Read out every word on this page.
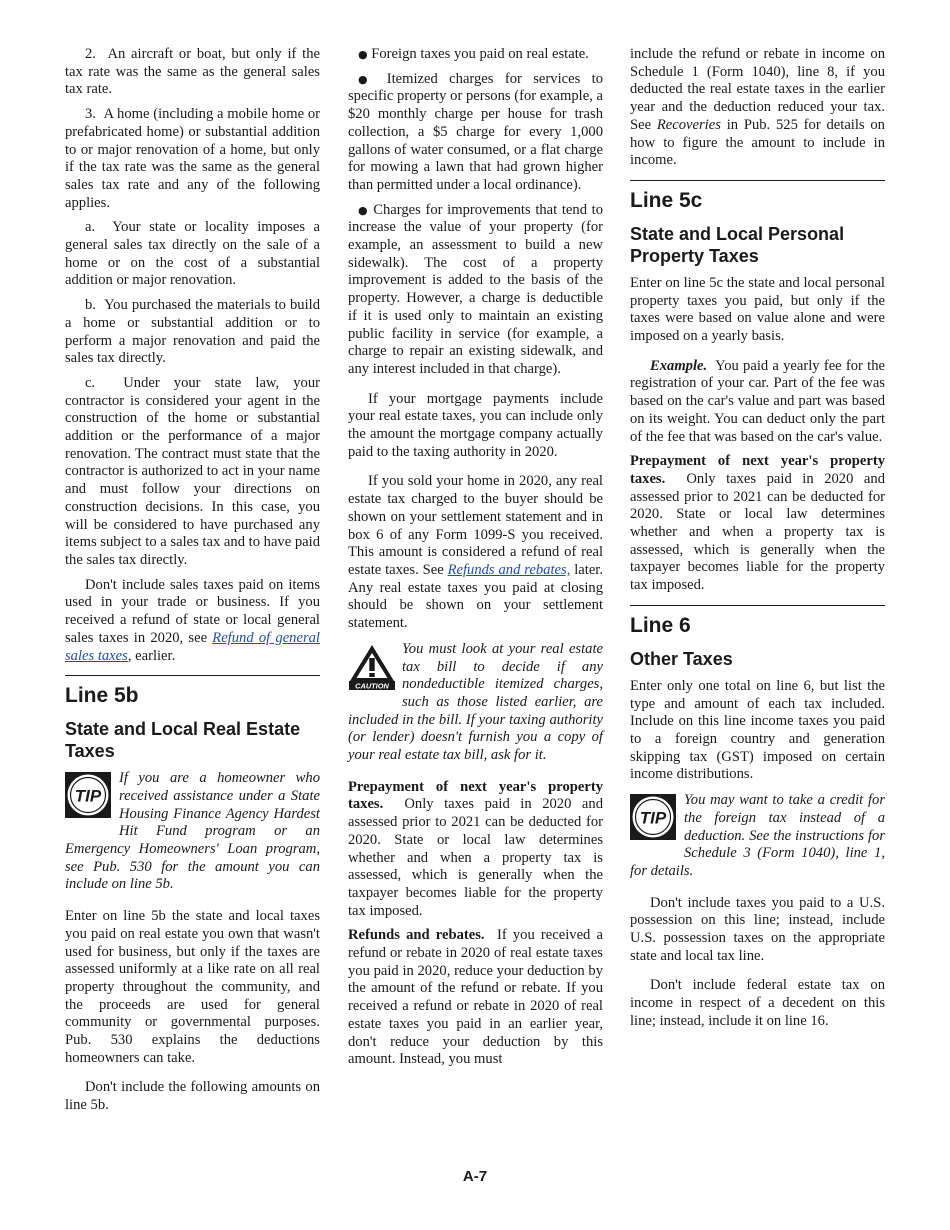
2.  An aircraft or boat, but only if the tax rate was the same as the general sales tax rate.

3.  A home (including a mobile home or prefabricated home) or substantial addition to or major renovation of a home, but only if the tax rate was the same as the general sales tax rate and any of the following applies.

a.  Your state or locality imposes a general sales tax directly on the sale of a home or on the cost of a substantial addition or major renovation.

b.  You purchased the materials to build a home or substantial addition or to perform a major renovation and paid the sales tax directly.

c.  Under your state law, your contractor is considered your agent in the construction of the home or substantial addition or the performance of a major renovation. The contract must state that the contractor is authorized to act in your name and must follow your directions on construction decisions. In this case, you will be considered to have purchased any items subject to a sales tax and to have paid the sales tax directly.

Don't include sales taxes paid on items used in your trade or business. If you received a refund of state or local general sales taxes in 2020, see Refund of general sales taxes, earlier.

Line 5b
State and Local Real Estate Taxes
TIP

If you are a homeowner who received assistance under a State Housing Finance Agency Hardest Hit Fund program or an Emergency Homeowners' Loan program, see Pub. 530 for the amount you can include on line 5b.

Enter on line 5b the state and local taxes you paid on real estate you own that wasn't used for business, but only if the taxes are assessed uniformly at a like rate on all real property throughout the community, and the proceeds are used for general community or governmental purposes. Pub. 530 explains the deductions homeowners can take.

Don't include the following amounts on line 5b.

● Foreign taxes you paid on real estate.

● Itemized charges for services to specific property or persons (for example, a $20 monthly charge per house for trash collection, a $5 charge for every 1,000 gallons of water consumed, or a flat charge for mowing a lawn that had grown higher than permitted under a local ordinance).

● Charges for improvements that tend to increase the value of your property (for example, an assessment to build a new sidewalk). The cost of a property improvement is added to the basis of the property. However, a charge is deductible if it is used only to maintain an existing public facility in service (for example, a charge to repair an existing sidewalk, and any interest included in that charge).

If your mortgage payments include your real estate taxes, you can include only the amount the mortgage company actually paid to the taxing authority in 2020.

If you sold your home in 2020, any real estate tax charged to the buyer should be shown on your settlement statement and in box 6 of any Form 1099-S you received. This amount is considered a refund of real estate taxes. See Refunds and rebates, later. Any real estate taxes you paid at closing should be shown on your settlement statement.

CAUTION

You must look at your real estate tax bill to decide if any nondeductible itemized charges, such as those listed earlier, are included in the bill. If your taxing authority (or lender) doesn't furnish you a copy of your real estate tax bill, ask for it.

Prepayment of next year's property taxes. Only taxes paid in 2020 and assessed prior to 2021 can be deducted for 2020. State or local law determines whether and when a property tax is assessed, which is generally when the taxpayer becomes liable for the property tax imposed.

Refunds and rebates. If you received a refund or rebate in 2020 of real estate taxes you paid in 2020, reduce your deduction by the amount of the refund or rebate. If you received a refund or rebate in 2020 of real estate taxes you paid in an earlier year, don't reduce your deduction by this amount. Instead, you must

include the refund or rebate in income on Schedule 1 (Form 1040), line 8, if you deducted the real estate taxes in the earlier year and the deduction reduced your tax. See Recoveries in Pub. 525 for details on how to figure the amount to include in income.

Line 5c
State and Local Personal Property Taxes

Enter on line 5c the state and local personal property taxes you paid, but only if the taxes were based on value alone and were imposed on a yearly basis.

Example. You paid a yearly fee for the registration of your car. Part of the fee was based on the car's value and part was based on its weight. You can deduct only the part of the fee that was based on the car's value.

Prepayment of next year's property taxes. Only taxes paid in 2020 and assessed prior to 2021 can be deducted for 2020. State or local law determines whether and when a property tax is assessed, which is generally when the taxpayer becomes liable for the property tax imposed.

Line 6
Other Taxes

Enter only one total on line 6, but list the type and amount of each tax included. Include on this line income taxes you paid to a foreign country and generation skipping tax (GST) imposed on certain income distributions.

TIP

You may want to take a credit for the foreign tax instead of a deduction. See the instructions for Schedule 3 (Form 1040), line 1, for details.

Don't include taxes you paid to a U.S. possession on this line; instead, include U.S. possession taxes on the appropriate state and local tax line.

Don't include federal estate tax on income in respect of a decedent on this line; instead, include it on line 16.

A-7
